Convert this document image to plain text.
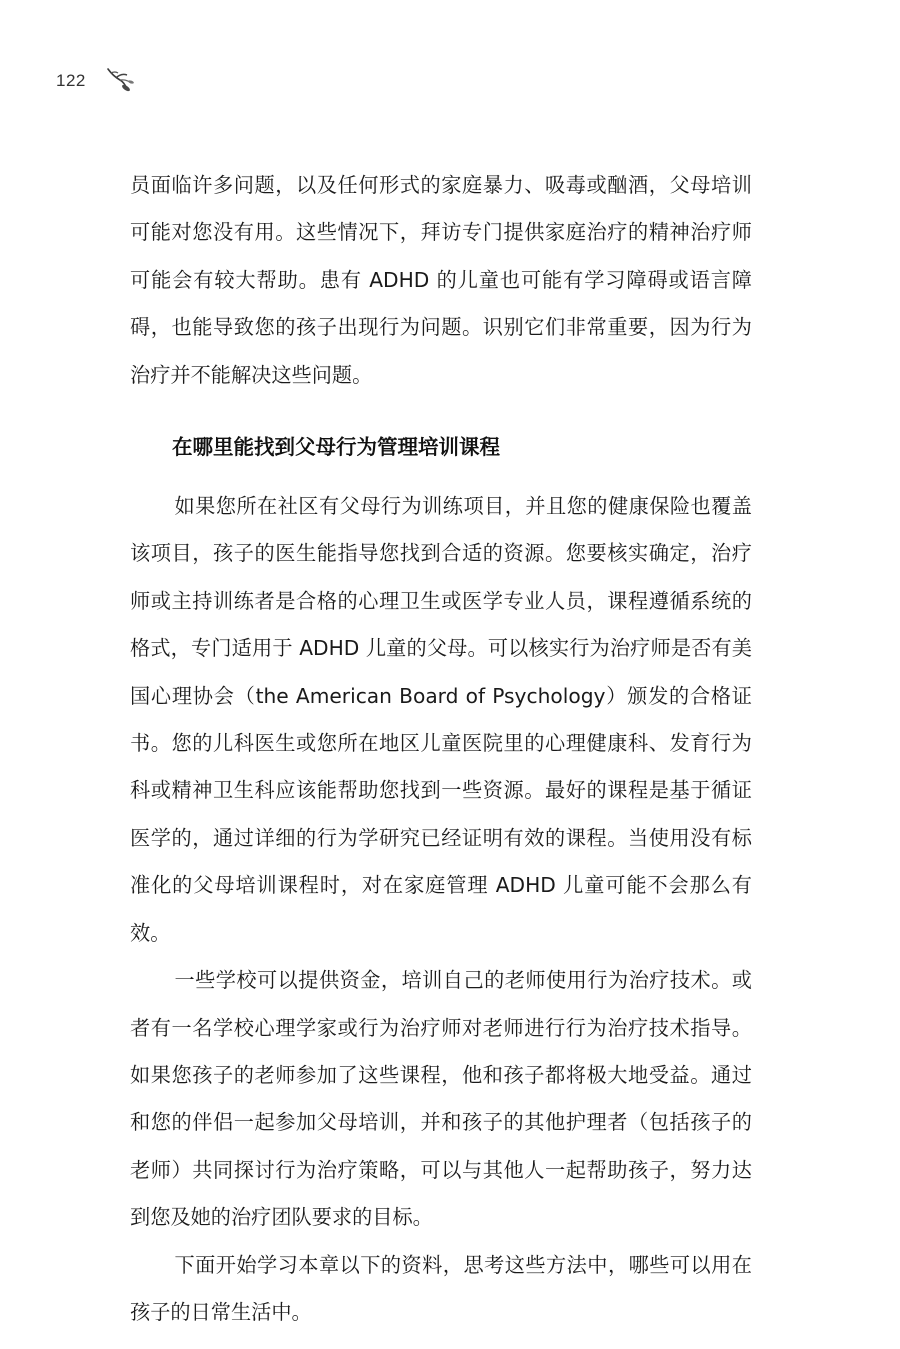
122

员面临许多问题，以及任何形式的家庭暴力、吸毒或酗酒，父母培训可能对您没有用。这些情况下，拜访专门提供家庭治疗的精神治疗师可能会有较大帮助。患有 ADHD 的儿童也可能有学习障碍或语言障碍，也能导致您的孩子出现行为问题。识别它们非常重要，因为行为治疗并不能解决这些问题。

在哪里能找到父母行为管理培训课程

如果您所在社区有父母行为训练项目，并且您的健康保险也覆盖该项目，孩子的医生能指导您找到合适的资源。您要核实确定，治疗师或主持训练者是合格的心理卫生或医学专业人员，课程遵循系统的格式，专门适用于 ADHD 儿童的父母。可以核实行为治疗师是否有美国心理协会（the American Board of Psychology）颁发的合格证书。您的儿科医生或您所在地区儿童医院里的心理健康科、发育行为科或精神卫生科应该能帮助您找到一些资源。最好的课程是基于循证医学的，通过详细的行为学研究已经证明有效的课程。当使用没有标准化的父母培训课程时，对在家庭管理 ADHD 儿童可能不会那么有效。

一些学校可以提供资金，培训自己的老师使用行为治疗技术。或者有一名学校心理学家或行为治疗师对老师进行行为治疗技术指导。如果您孩子的老师参加了这些课程，他和孩子都将极大地受益。通过和您的伴侣一起参加父母培训，并和孩子的其他护理者（包括孩子的老师）共同探讨行为治疗策略，可以与其他人一起帮助孩子，努力达到您及她的治疗团队要求的目标。

下面开始学习本章以下的资料，思考这些方法中，哪些可以用在孩子的日常生活中。
